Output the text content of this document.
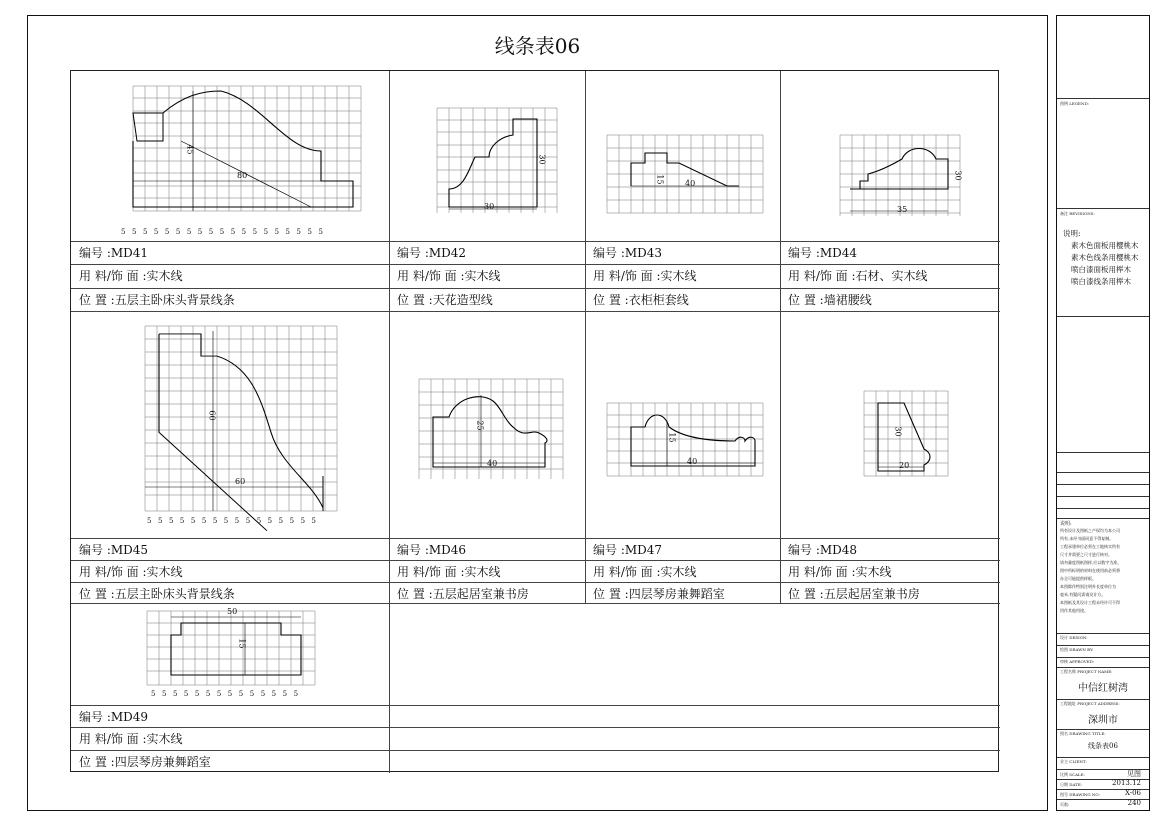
线条表06
45
80
30
30
15	40
35
30
60
60
25
40
15
40
30
20
50
15
5555555555555555555
5555555555555555
55555555555555
编号 :MD41
用 料/饰 面 :实木线
位 置 :五层主卧床头背景线条
编号 :MD42
用 料/饰 面 :实木线
位 置 :天花造型线
编号 :MD43
用 料/饰 面 :实木线
位 置 :衣柜柜套线
编号 :MD44
用 料/饰 面 :石材、实木线
位 置 :墙裙腰线
编号 :MD45
用 料/饰 面 :实木线
位 置 :五层主卧床头背景线条
编号 :MD46
用 料/饰 面 :实木线
位 置 :五层起居室兼书房
编号 :MD47
用 料/饰 面 :实木线
位 置 :四层琴房兼舞蹈室
编号 :MD48
用 料/饰 面 :实木线
位 置 :五层起居室兼书房
编号 :MD49
用 料/饰 面 :实木线
位 置 :四层琴房兼舞蹈室
图例 LEGEND:
备注 REVISIONS:
说明:
素木色面板用樱桃木
素木色线条用樱桃木
喷白漆面板用榉木
喷白漆线条用榉木
说明:
所有设计及图纸之产权均为本公司
所有,未经书面同意不得复制。
工程承建单位必须在工地核实所有
尺寸并需要之尺寸进行核对。
请勿量度图纸图样,应以数字为准。
图中所标明的材料在使用前必须将
办全可能提供样板。
本图除作特别注明外长度单位为
毫米,有疑问需请设计方。
本图纸及其设计工程未经许可不得
用作其他用途。
设计 DESIGN:
绘图 DRAWN BY:
审核 APPROVED:
工程名称 PROJECT NAME:
中信红树湾
工程地址 PROJECT ADDRESS:
深圳市
图名 DRAWING TITLE:
线条表06
业主 CLIENT:
比例 SCALE:	见图
日期 DATE:	2013.12
图号 DRAWING NO:	X-06
页数:	240
